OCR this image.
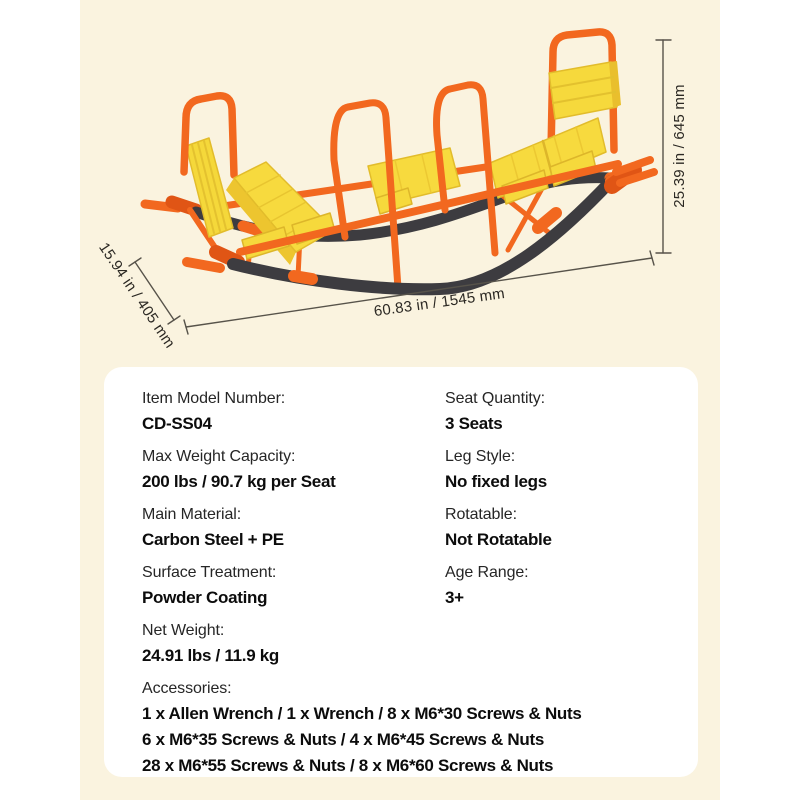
25.39 in / 645 mm
15.94 in / 405 mm	60.83 in / 1545 mm
Item Model Number:
CD-SS04
Seat Quantity:
3 Seats
Max Weight Capacity:
200 lbs / 90.7 kg per Seat
Leg Style:
No fixed legs
Main Material:
Carbon Steel + PE
Rotatable:
Not Rotatable
Surface Treatment:
Powder Coating
Age Range:
3+
Net Weight:
24.91 lbs / 11.9 kg
Accessories:
1 x Allen Wrench / 1 x Wrench / 8 x M6*30 Screws & Nuts
6 x M6*35 Screws & Nuts / 4 x M6*45 Screws & Nuts
28 x M6*55 Screws & Nuts / 8 x M6*60 Screws & Nuts
